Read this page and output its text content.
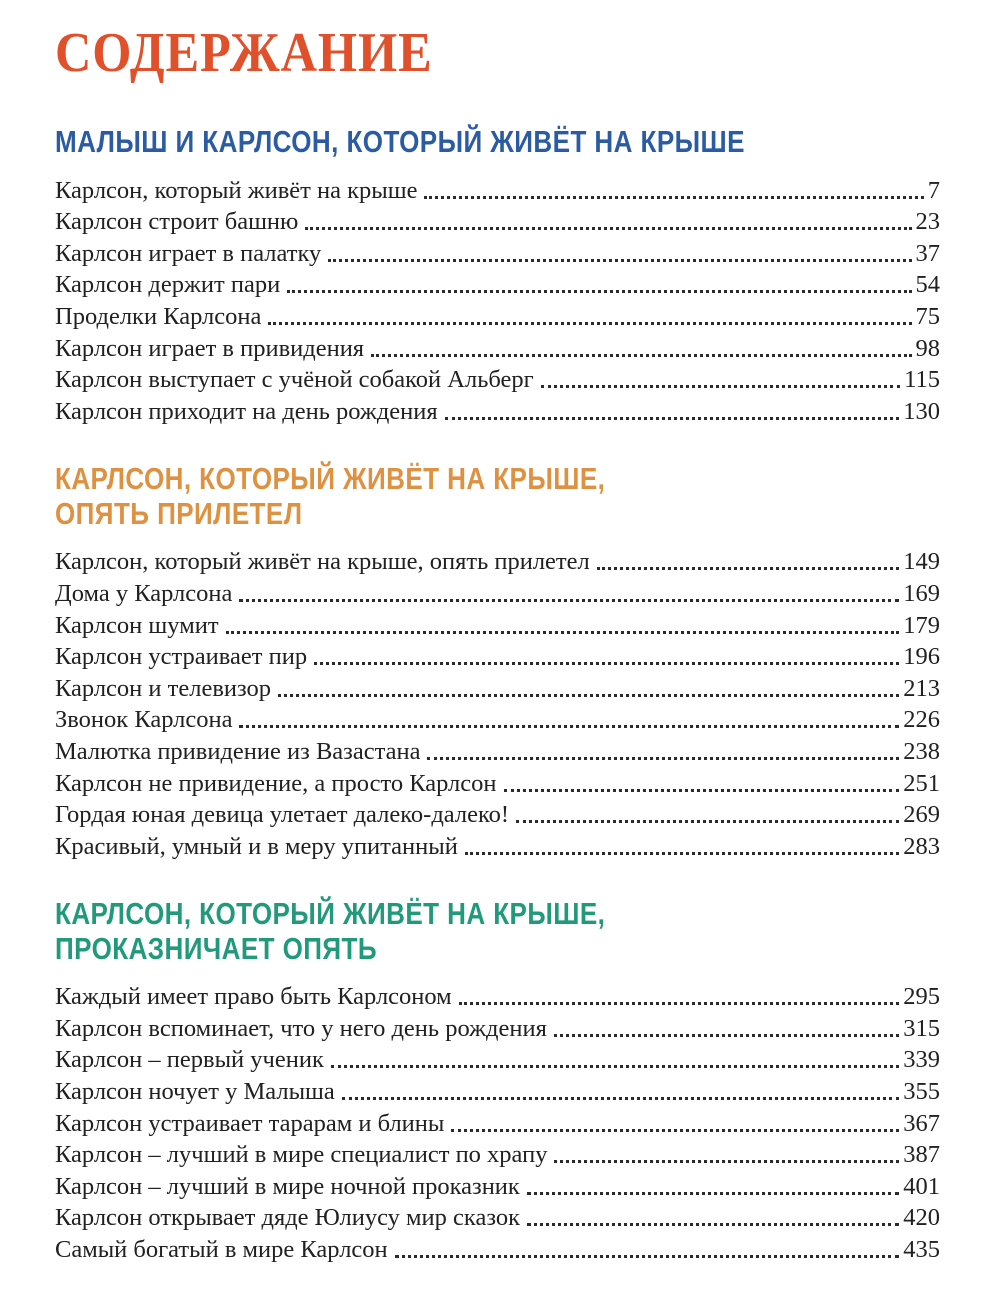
СОДЕРЖАНИЕ
МАЛЫШ И КАРЛСОН, КОТОРЫЙ ЖИВЁТ НА КРЫШЕ
Карлсон, который живёт на крыше	7
Карлсон строит башню	23
Карлсон играет в палатку	37
Карлсон держит пари	54
Проделки Карлсона	75
Карлсон играет в привидения	98
Карлсон выступает с учёной собакой Альберг	115
Карлсон приходит на день рождения	130
КАРЛСОН, КОТОРЫЙ ЖИВЁТ НА КРЫШЕ,
ОПЯТЬ ПРИЛЕТЕЛ
Карлсон, который живёт на крыше, опять прилетел	149
Дома у Карлсона	169
Карлсон шумит	179
Карлсон устраивает пир	196
Карлсон и телевизор	213
Звонок Карлсона	226
Малютка привидение из Вазастана	238
Карлсон не привидение, а просто Карлсон	251
Гордая юная девица улетает далеко-далеко!	269
Красивый, умный и в меру упитанный	283
КАРЛСОН, КОТОРЫЙ ЖИВЁТ НА КРЫШЕ,
ПРОКАЗНИЧАЕТ ОПЯТЬ
Каждый имеет право быть Карлсоном	295
Карлсон вспоминает, что у него день рождения	315
Карлсон – первый ученик	339
Карлсон ночует у Малыша	355
Карлсон устраивает тарарам и блины	367
Карлсон – лучший в мире специалист по храпу	387
Карлсон – лучший в мире ночной проказник	401
Карлсон открывает дяде Юлиусу мир сказок	420
Самый богатый в мире Карлсон	435
